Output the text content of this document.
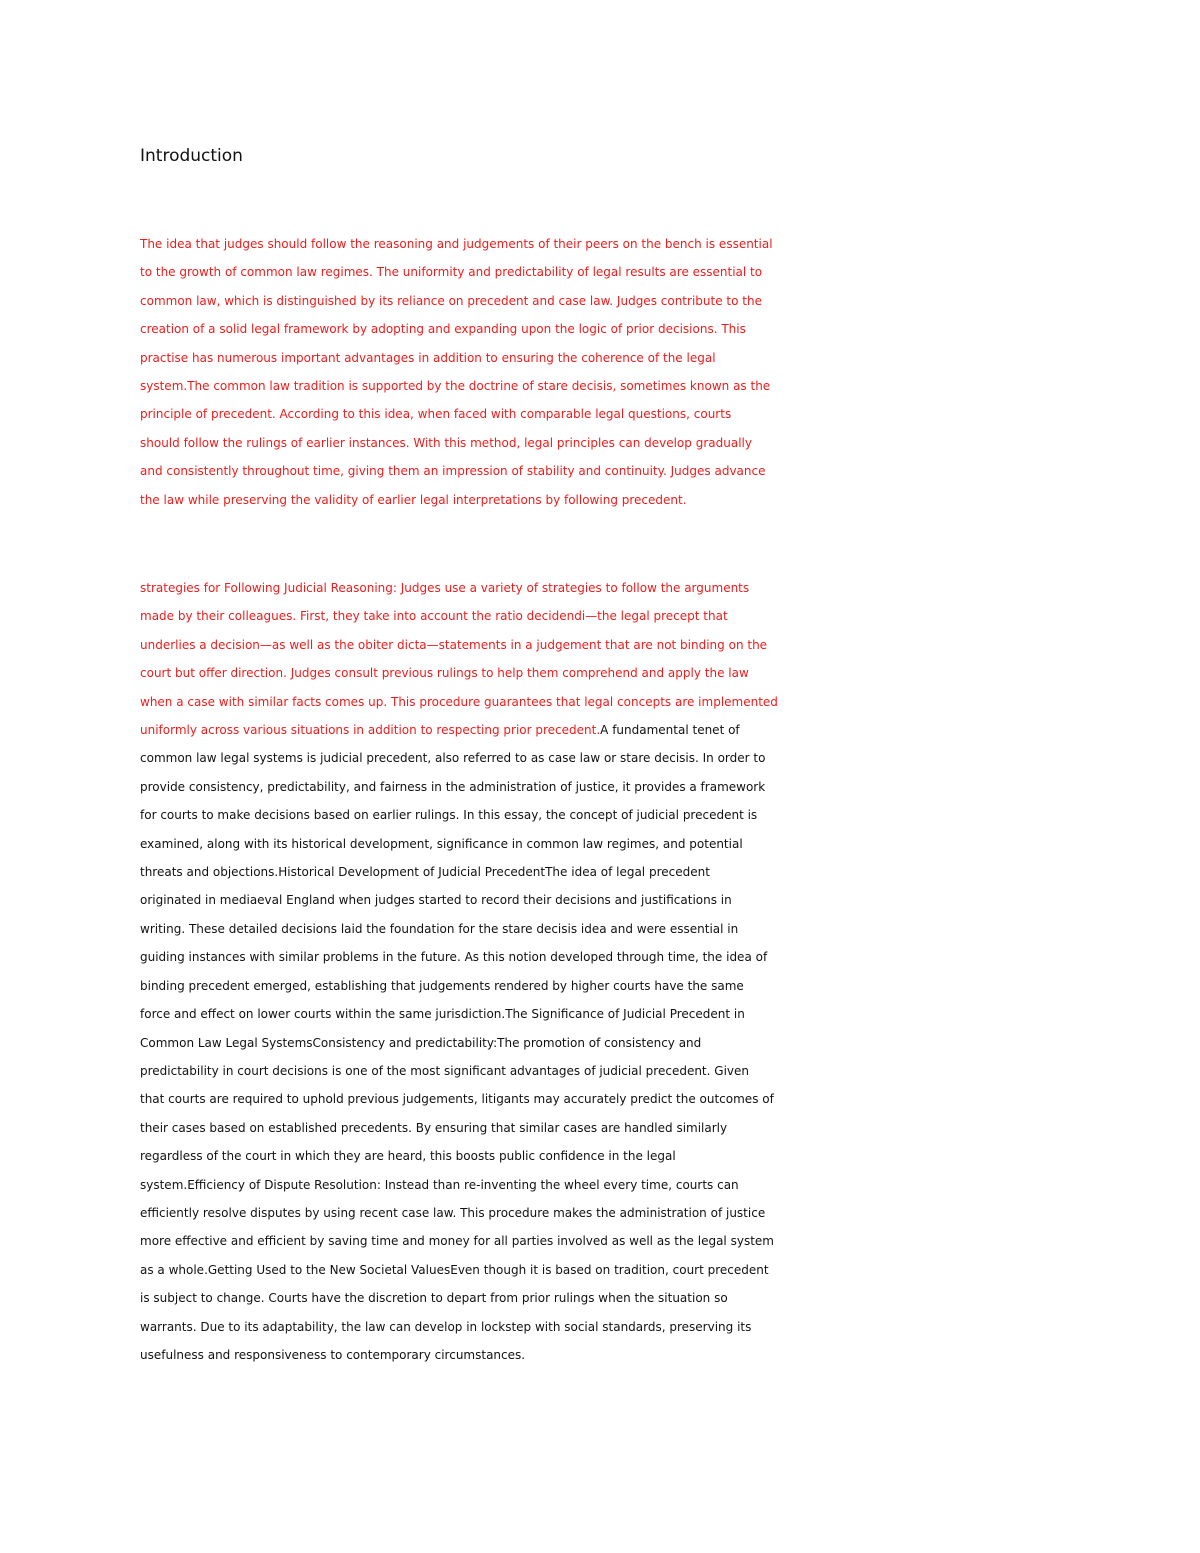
Introduction

The idea that judges should follow the reasoning and judgements of their peers on the bench is essential
to the growth of common law regimes. The uniformity and predictability of legal results are essential to
common law, which is distinguished by its reliance on precedent and case law. Judges contribute to the
creation of a solid legal framework by adopting and expanding upon the logic of prior decisions. This
practise has numerous important advantages in addition to ensuring the coherence of the legal
system.The common law tradition is supported by the doctrine of stare decisis, sometimes known as the
principle of precedent. According to this idea, when faced with comparable legal questions, courts
should follow the rulings of earlier instances. With this method, legal principles can develop gradually
and consistently throughout time, giving them an impression of stability and continuity. Judges advance
the law while preserving the validity of earlier legal interpretations by following precedent.

strategies for Following Judicial Reasoning: Judges use a variety of strategies to follow the arguments
made by their colleagues. First, they take into account the ratio decidendi—the legal precept that
underlies a decision—as well as the obiter dicta—statements in a judgement that are not binding on the
court but offer direction. Judges consult previous rulings to help them comprehend and apply the law
when a case with similar facts comes up. This procedure guarantees that legal concepts are implemented
uniformly across various situations in addition to respecting prior precedent.A fundamental tenet of
common law legal systems is judicial precedent, also referred to as case law or stare decisis. In order to
provide consistency, predictability, and fairness in the administration of justice, it provides a framework
for courts to make decisions based on earlier rulings. In this essay, the concept of judicial precedent is
examined, along with its historical development, significance in common law regimes, and potential
threats and objections.Historical Development of Judicial PrecedentThe idea of legal precedent
originated in mediaeval England when judges started to record their decisions and justifications in
writing. These detailed decisions laid the foundation for the stare decisis idea and were essential in
guiding instances with similar problems in the future. As this notion developed through time, the idea of
binding precedent emerged, establishing that judgements rendered by higher courts have the same
force and effect on lower courts within the same jurisdiction.The Significance of Judicial Precedent in
Common Law Legal SystemsConsistency and predictability:The promotion of consistency and
predictability in court decisions is one of the most significant advantages of judicial precedent. Given
that courts are required to uphold previous judgements, litigants may accurately predict the outcomes of
their cases based on established precedents. By ensuring that similar cases are handled similarly
regardless of the court in which they are heard, this boosts public confidence in the legal
system.Efficiency of Dispute Resolution: Instead than re-inventing the wheel every time, courts can
efficiently resolve disputes by using recent case law. This procedure makes the administration of justice
more effective and efficient by saving time and money for all parties involved as well as the legal system
as a whole.Getting Used to the New Societal ValuesEven though it is based on tradition, court precedent
is subject to change. Courts have the discretion to depart from prior rulings when the situation so
warrants. Due to its adaptability, the law can develop in lockstep with social standards, preserving its
usefulness and responsiveness to contemporary circumstances.
